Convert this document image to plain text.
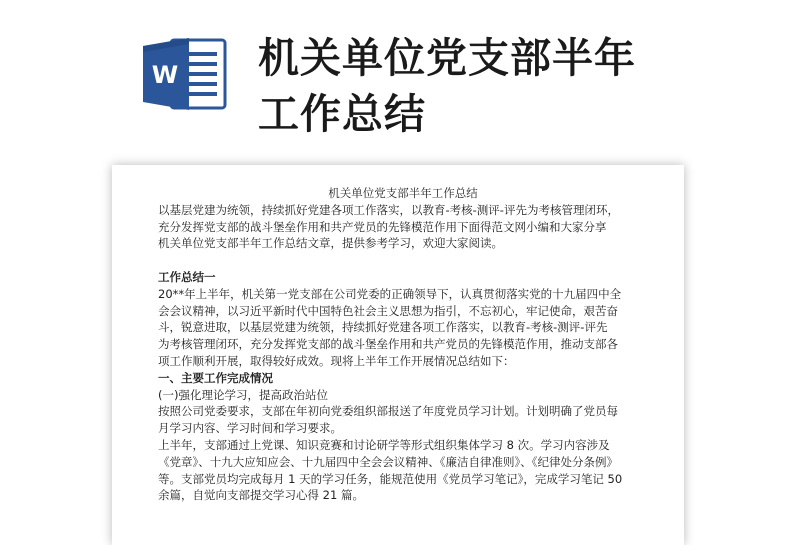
W 机关单位党支部半年
工作总结
机关单位党支部半年工作总结
以基层党建为统领，持续抓好党建各项工作落实，以教育-考核-测评-评先为考核管理闭环，
充分发挥党支部的战斗堡垒作用和共产党员的先锋模范作用下面得范文网小编和大家分享
机关单位党支部半年工作总结文章，提供参考学习，欢迎大家阅读。
工作总结一
20**年上半年，机关第一党支部在公司党委的正确领导下，认真贯彻落实党的十九届四中全
会会议精神，以习近平新时代中国特色社会主义思想为指引，不忘初心，牢记使命，艰苦奋
斗，锐意进取，以基层党建为统领，持续抓好党建各项工作落实，以教育-考核-测评-评先
为考核管理闭环，充分发挥党支部的战斗堡垒作用和共产党员的先锋模范作用，推动支部各
项工作顺利开展，取得较好成效。现将上半年工作开展情况总结如下：
一、主要工作完成情况
(一)强化理论学习，提高政治站位
按照公司党委要求，支部在年初向党委组织部报送了年度党员学习计划。计划明确了党员每
月学习内容、学习时间和学习要求。
上半年，支部通过上党课、知识竞赛和讨论研学等形式组织集体学习 8 次。学习内容涉及
《党章》、十九大应知应会、十九届四中全会会议精神、《廉洁自律准则》、《纪律处分条例》
等。支部党员均完成每月 1 天的学习任务，能规范使用《党员学习笔记》，完成学习笔记 50
余篇，自觉向支部提交学习心得 21 篇。
